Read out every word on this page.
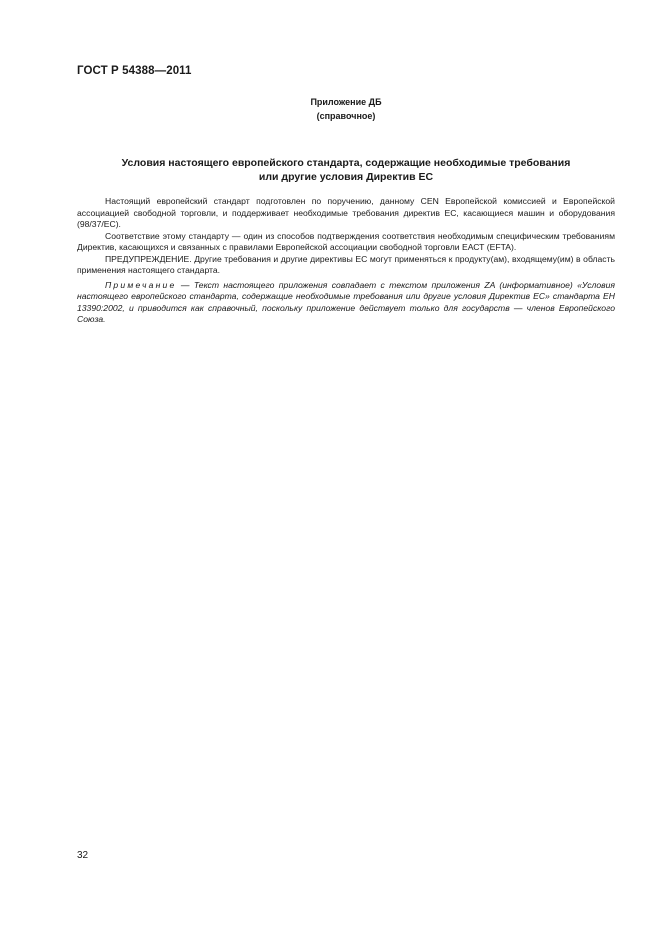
ГОСТ Р 54388—2011
Приложение ДБ
(справочное)
Условия настоящего европейского стандарта, содержащие необходимые требования
или другие условия Директив ЕС

Настоящий европейский стандарт подготовлен по поручению, данному CEN Европейской комиссией и Европейской ассоциацией свободной торговли, и поддерживает необходимые требования директив ЕС, касающиеся машин и оборудования (98/37/ЕС).

Соответствие этому стандарту — один из способов подтверждения соответствия необходимым специфическим требованиям Директив, касающихся и связанных с правилами Европейской ассоциации свободной торговли ЕАСТ (EFTA).

ПРЕДУПРЕЖДЕНИЕ. Другие требования и другие директивы ЕС могут применяться к продукту(ам), входящему(им) в область применения настоящего стандарта.

Примечание — Текст настоящего приложения совпадает с текстом приложения ZA (информативное) «Условия настоящего европейского стандарта, содержащие необходимые требования или другие условия Директив ЕС» стандарта ЕН 13390:2002, и приводится как справочный, поскольку приложение действует только для государств — членов Европейского Союза.

32
